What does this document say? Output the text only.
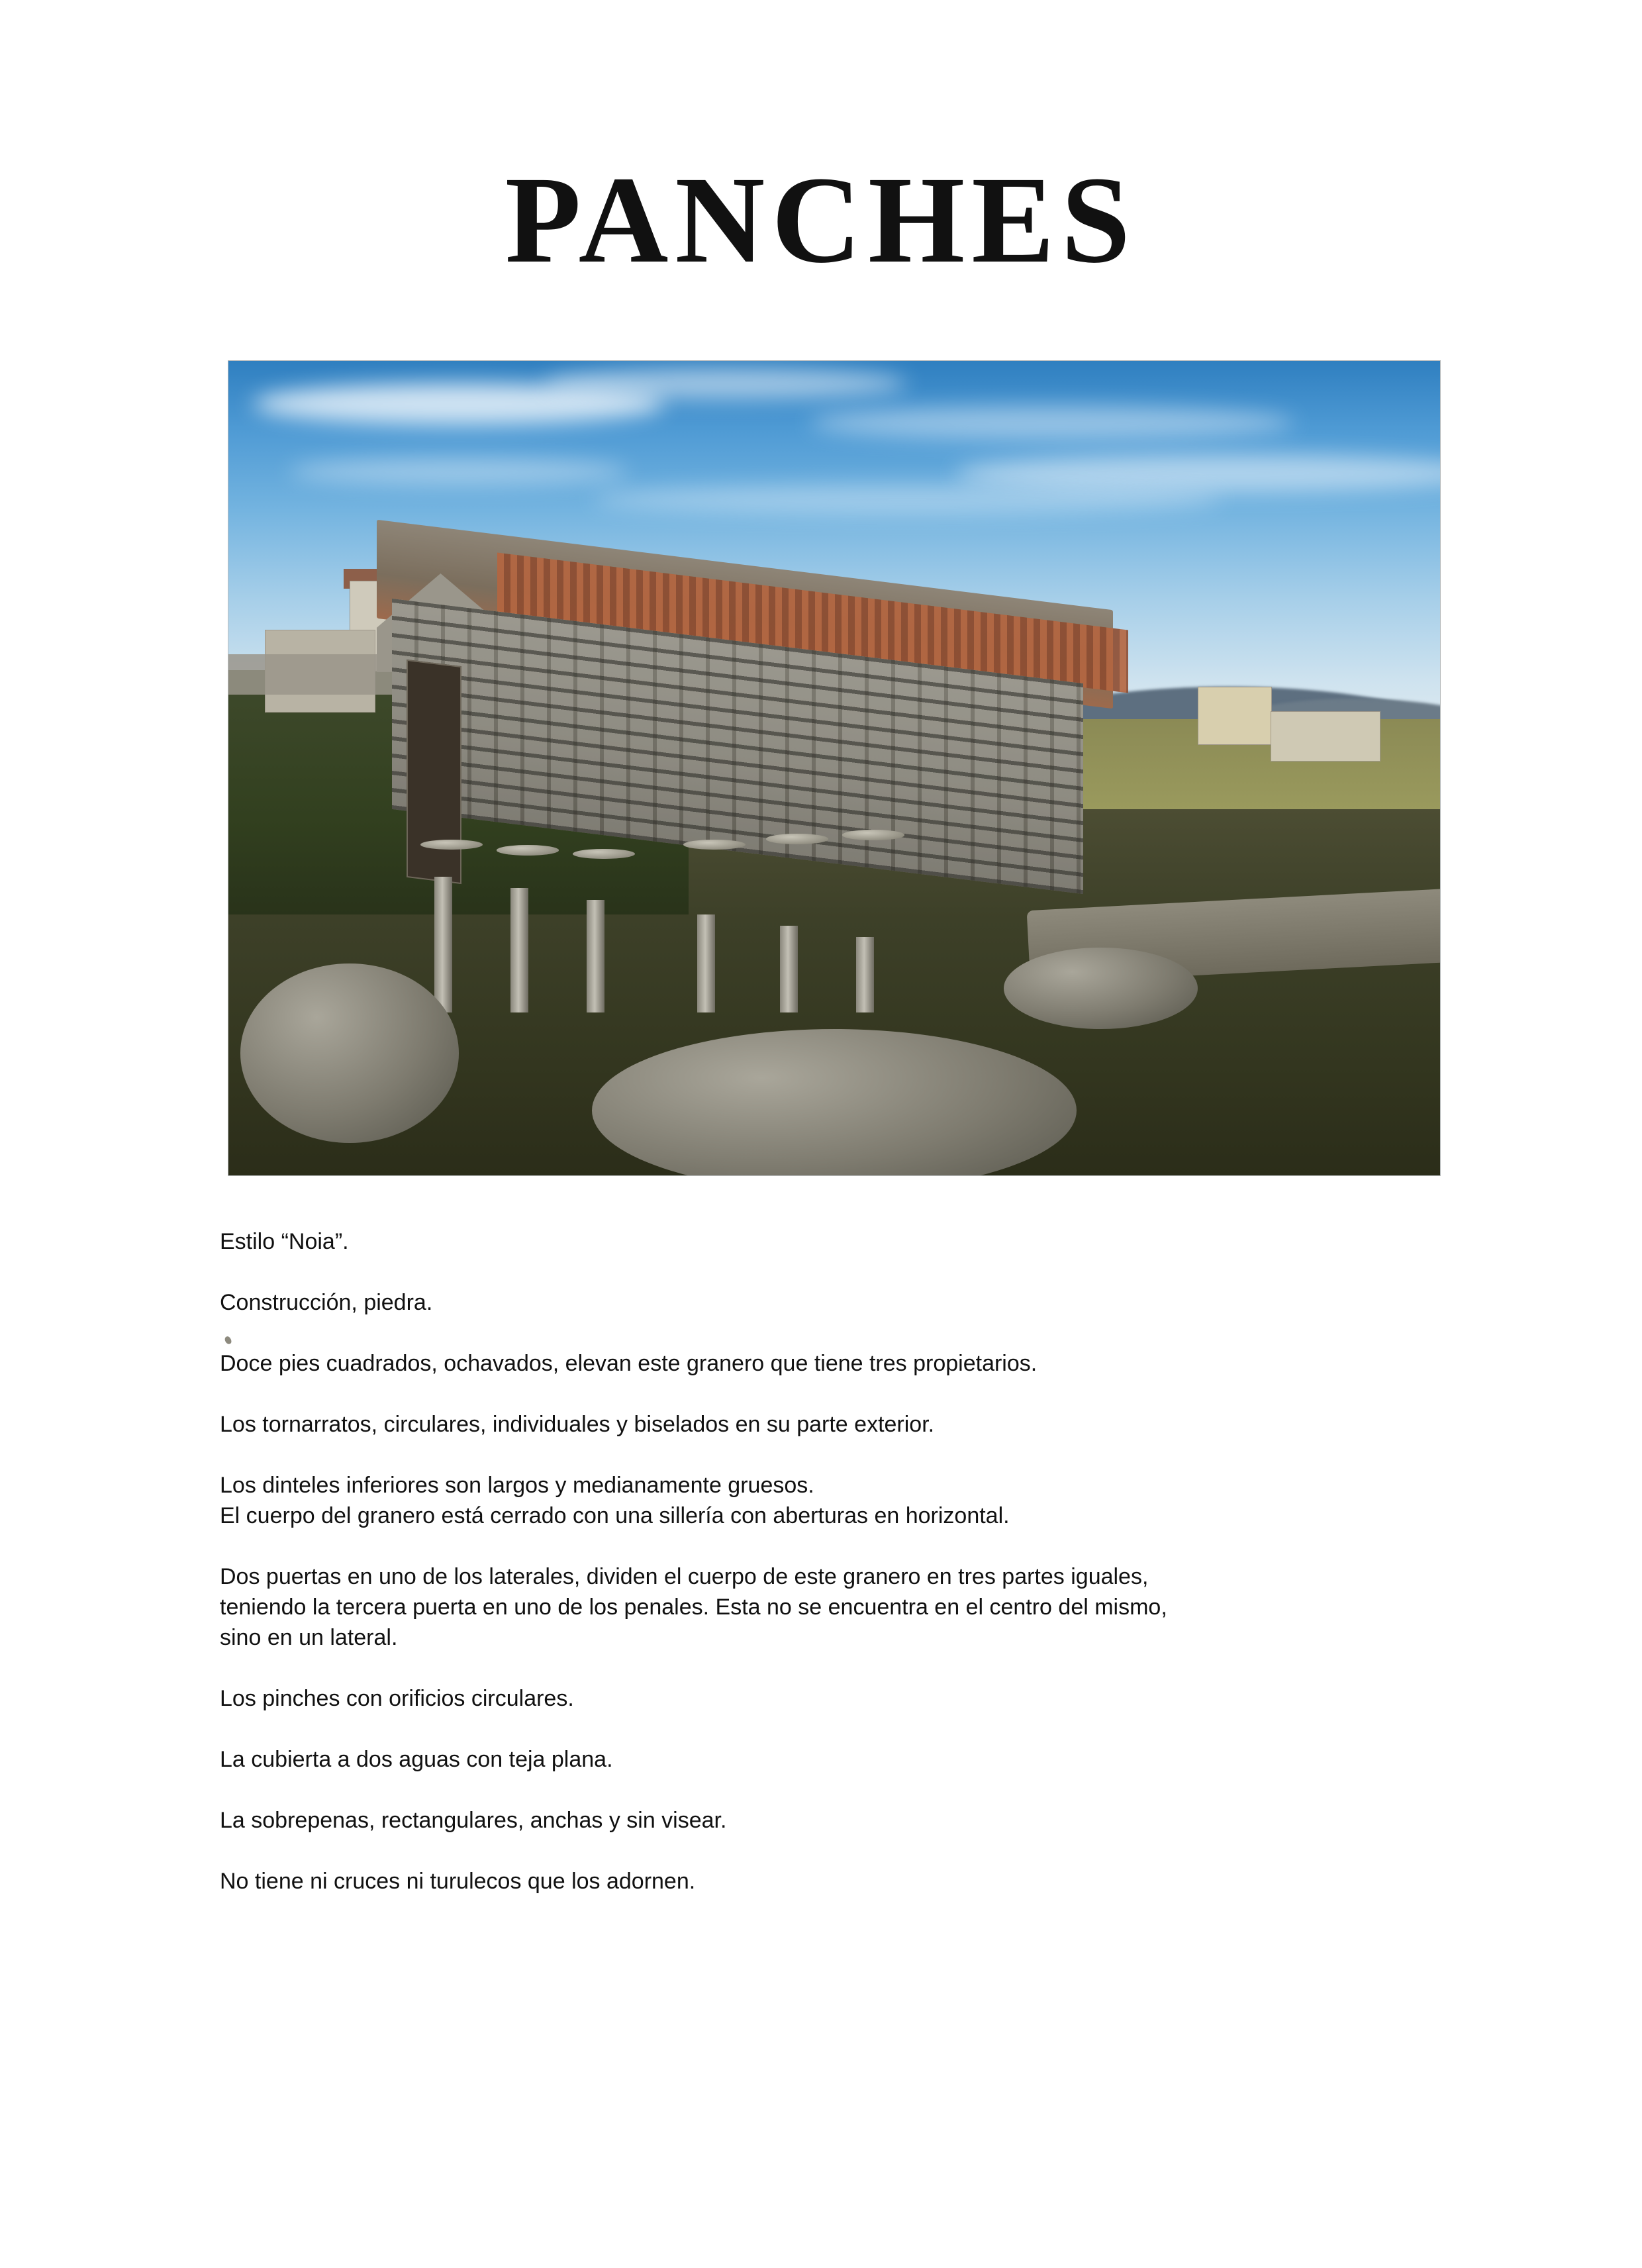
PANCHES

Estilo “Noia”.

Construcción, piedra.

Doce pies cuadrados, ochavados, elevan este granero que tiene tres propietarios.

Los tornarratos, circulares, individuales y biselados en su parte exterior.

Los dinteles inferiores son largos y medianamente gruesos.
El cuerpo del granero está cerrado con una sillería con aberturas en horizontal.

Dos puertas en uno de los laterales, dividen el cuerpo de este granero en tres partes iguales,
teniendo la tercera puerta en uno de los penales. Esta no se encuentra en el centro del mismo,
sino en un lateral.

Los pinches con orificios circulares.

La cubierta a dos aguas con teja plana.

La sobrepenas, rectangulares, anchas y sin visear.

No tiene ni cruces ni turulecos que los adornen.
